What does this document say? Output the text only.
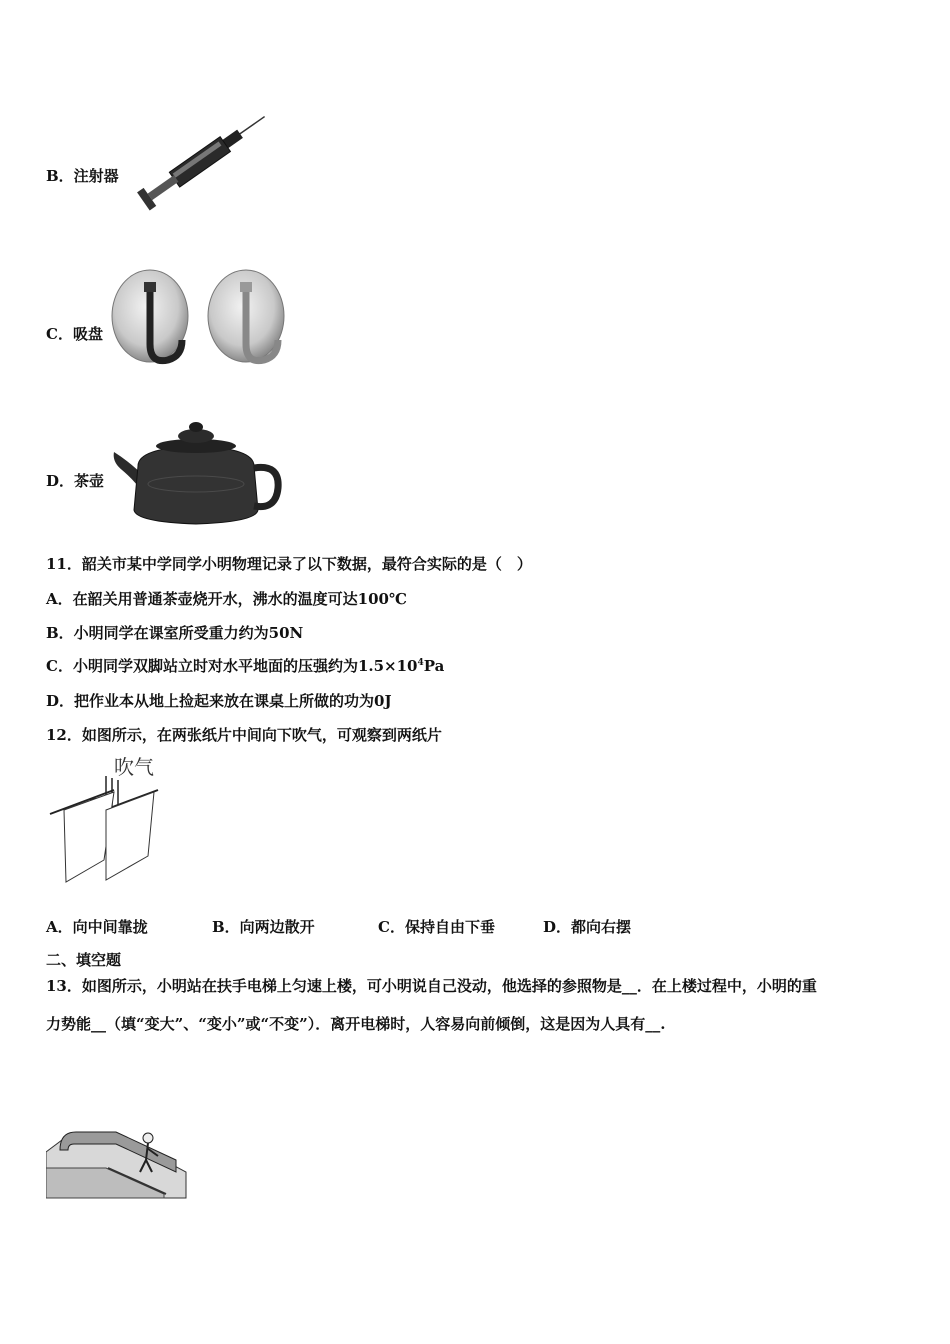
B．注射器
C．吸盘
D．茶壶
11．韶关市某中学同学小明物理记录了以下数据，最符合实际的是（　）
A．在韶关用普通茶壶烧开水，沸水的温度可达100℃
B．小明同学在课室所受重力约为50N
C．小明同学双脚站立时对水平地面的压强约为$1.5\times 10^4Pa$
D．把作业本从地上捡起来放在课桌上所做的功为0J
12．如图所示，在两张纸片中间向下吹气，可观察到两纸片
吹气
A．向中间靠拢	B．向两边散开	C．保持自由下垂	D．都向右摆
二、填空题
13．如图所示，小明站在扶手电梯上匀速上楼，可小明说自己没动，他选择的参照物是__．在上楼过程中，小明的重
力势能__（填“变大”、“变小”或“不变”）．离开电梯时，人容易向前倾倒，这是因为人具有__.
